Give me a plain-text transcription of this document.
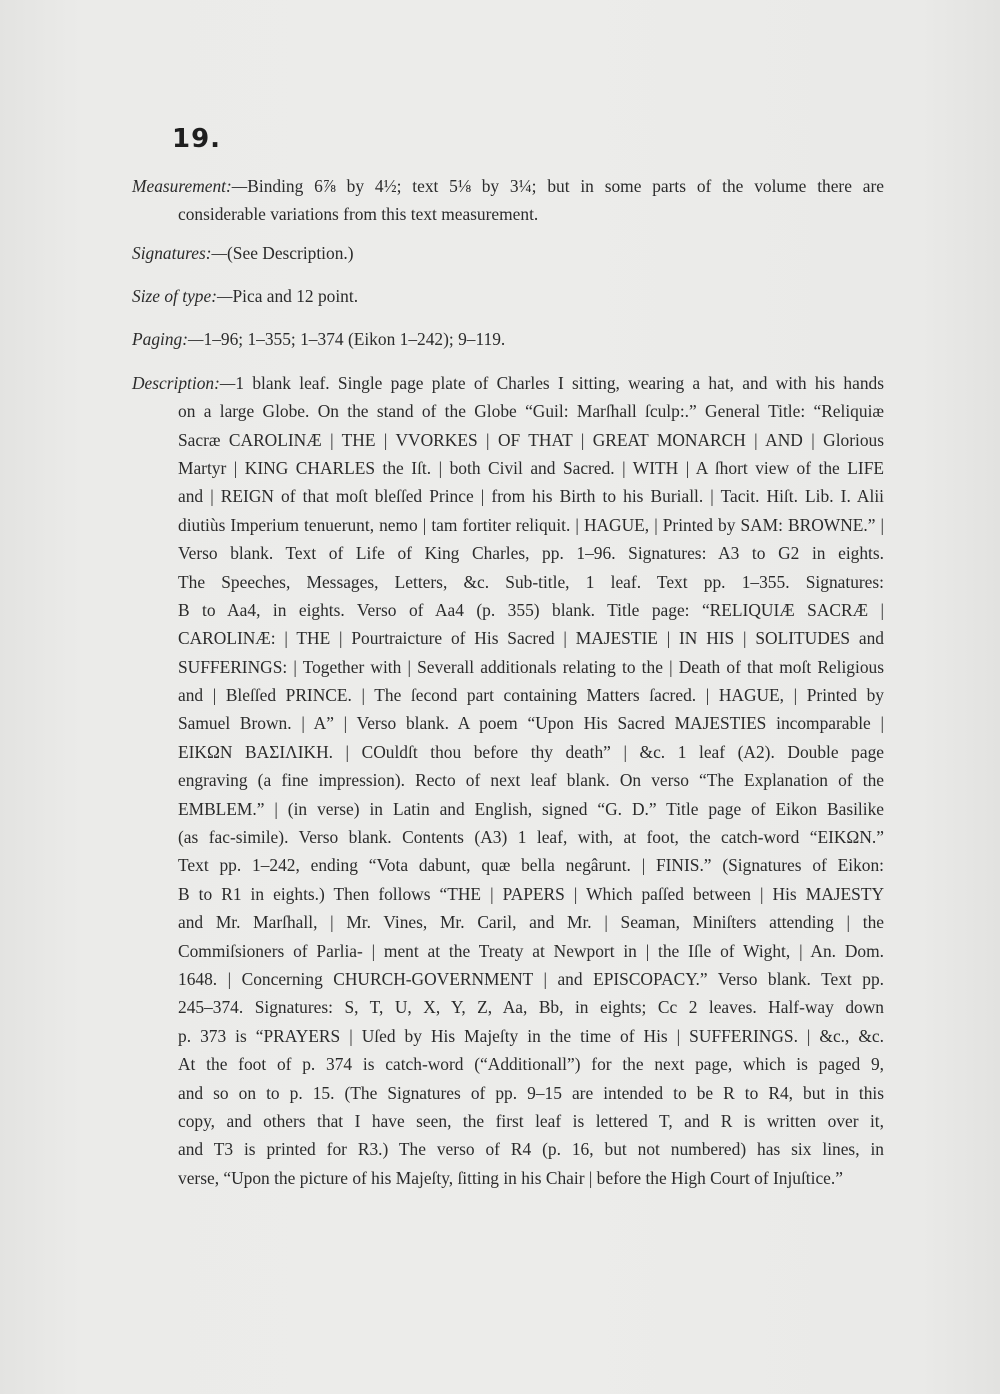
19.
Measurement:—Binding 6⅞ by 4½; text 5⅛ by 3¼; but in some parts of the volume there are
considerable variations from this text measurement.
Signatures:—(See Description.)
Size of type:—Pica and 12 point.
Paging:—1–96; 1–355; 1–374 (Eikon 1–242); 9–119.
Description:—1 blank leaf. Single page plate of Charles I sitting, wearing a hat, and with his hands
on a large Globe. On the stand of the Globe “Guil: Marſhall ſculp:.” General Title: “Reliquiæ
Sacræ CAROLINÆ | THE | VVORKES | OF THAT | GREAT MONARCH | AND | Glorious
Martyr | KING CHARLES the Iſt. | both Civil and Sacred. | WITH | A ſhort view of the LIFE
and | REIGN of that moſt bleſſed Prince | from his Birth to his Buriall. | Tacit. Hiſt. Lib. I. Alii
diutiùs Imperium tenuerunt, nemo | tam fortiter reliquit. | HAGUE, | Printed by SAM: BROWNE.” |
Verso blank. Text of Life of King Charles, pp. 1–96. Signatures: A3 to G2 in eights.
The Speeches, Messages, Letters, &c. Sub-title, 1 leaf. Text pp. 1–355. Signatures:
B to Aa4, in eights. Verso of Aa4 (p. 355) blank. Title page: “RELIQUIÆ SACRÆ |
CAROLINÆ: | THE | Pourtraicture of His Sacred | MAJESTIE | IN HIS | SOLITUDES and
SUFFERINGS: | Together with | Severall additionals relating to the | Death of that moſt Religious
and | Bleſſed PRINCE. | The ſecond part containing Matters ſacred. | HAGUE, | Printed by
Samuel Brown. | A” | Verso blank. A poem “Upon His Sacred MAJESTIES incomparable |
ΕΙΚΩΝ ΒΑΣΙΛΙΚΗ. | COuldſt thou before thy death” | &c. 1 leaf (A2). Double page
engraving (a fine impression). Recto of next leaf blank. On verso “The Explanation of the
EMBLEM.” | (in verse) in Latin and English, signed “G. D.” Title page of Eikon Basilike
(as fac-simile). Verso blank. Contents (A3) 1 leaf, with, at foot, the catch-word “ΕΙΚΩΝ.”
Text pp. 1–242, ending “Vota dabunt, quæ bella negârunt. | FINIS.” (Signatures of Eikon:
B to R1 in eights.) Then follows “THE | PAPERS | Which paſſed between | His MAJESTY
and Mr. Marſhall, | Mr. Vines, Mr. Caril, and Mr. | Seaman, Miniſters attending | the
Commiſsioners of Parlia- | ment at the Treaty at Newport in | the Iſle of Wight, | An. Dom.
1648. | Concerning CHURCH-GOVERNMENT | and EPISCOPACY.” Verso blank. Text pp.
245–374. Signatures: S, T, U, X, Y, Z, Aa, Bb, in eights; Cc 2 leaves. Half-way down
p. 373 is “PRAYERS | Uſed by His Majeſty in the time of His | SUFFERINGS. | &c., &c.
At the foot of p. 374 is catch-word (“Additionall”) for the next page, which is paged 9,
and so on to p. 15. (The Signatures of pp. 9–15 are intended to be R to R4, but in this
copy, and others that I have seen, the first leaf is lettered T, and R is written over it,
and T3 is printed for R3.) The verso of R4 (p. 16, but not numbered) has six lines, in
verse, “Upon the picture of his Majeſty, ſitting in his Chair | before the High Court of Injuſtice.”
